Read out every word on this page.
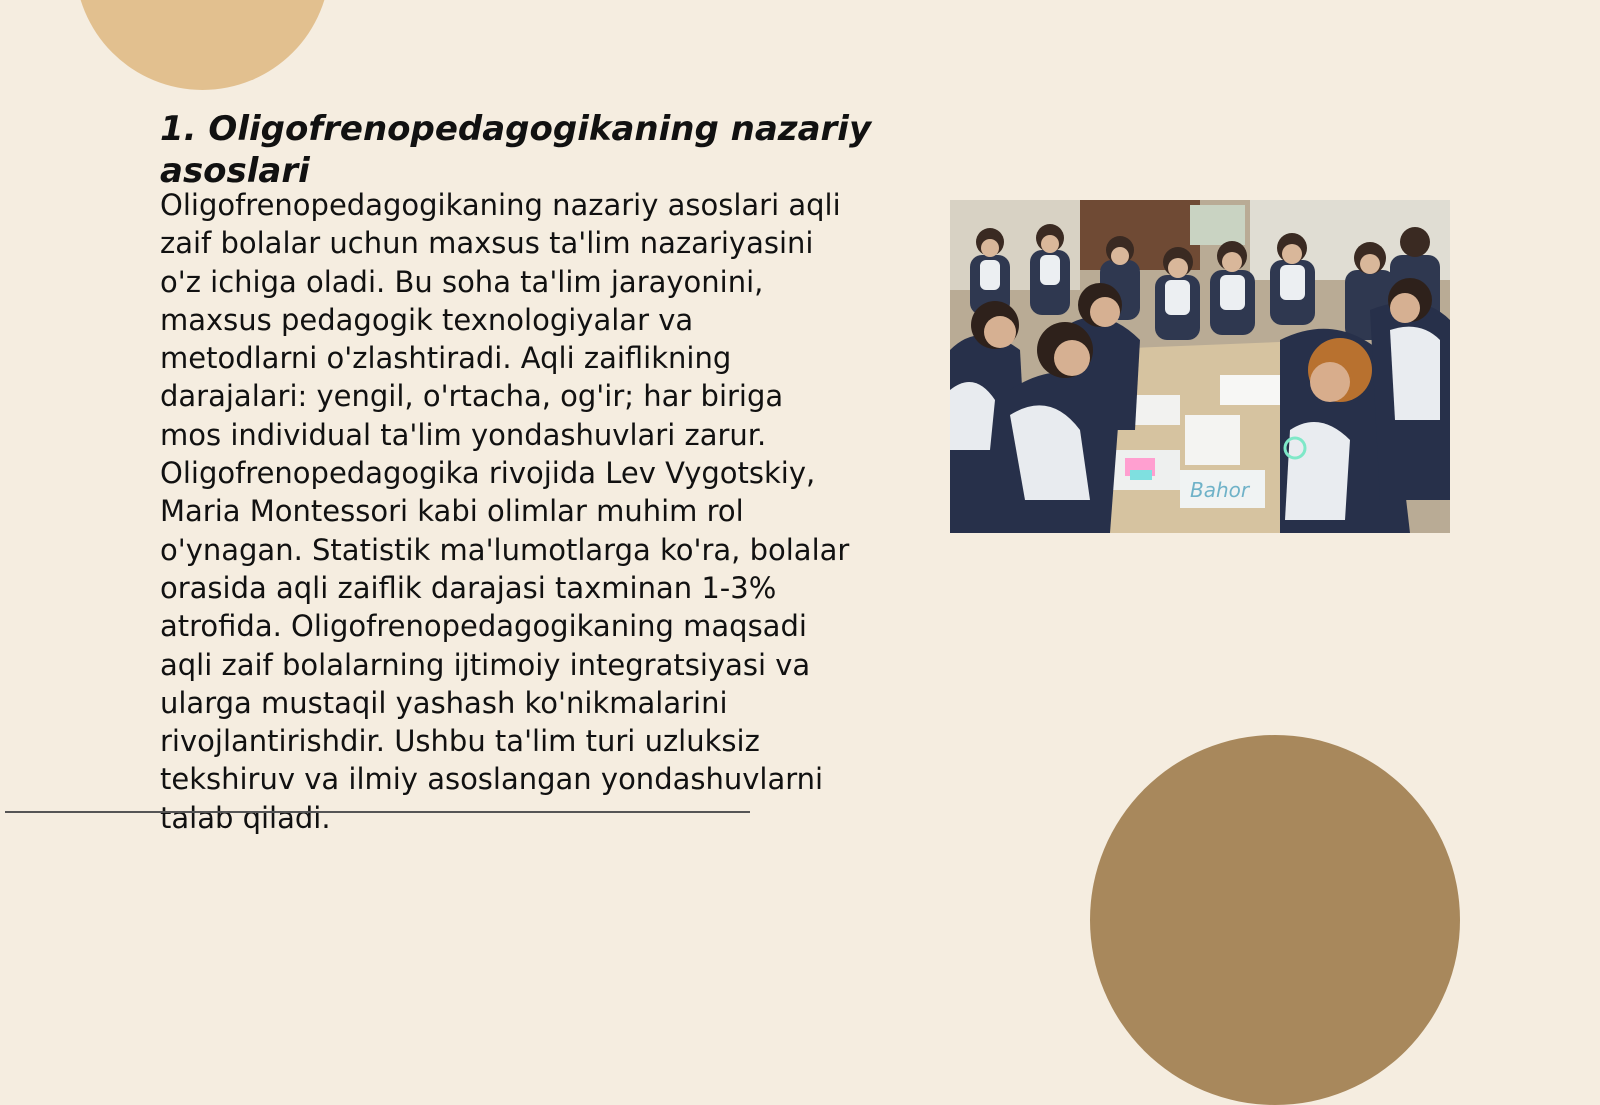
1. Oligofrenopedagogikaning nazariy asoslari

Oligofrenopedagogikaning nazariy asoslari aqli zaif bolalar uchun maxsus ta'lim nazariyasini o'z ichiga oladi. Bu soha ta'lim jarayonini, maxsus pedagogik texnologiyalar va metodlarni o'zlashtiradi. Aqli zaiflikning darajalari: yengil, o'rtacha, og'ir; har biriga mos individual ta'lim yondashuvlari zarur. Oligofrenopedagogika rivojida Lev Vygotskiy, Maria Montessori kabi olimlar muhim rol o'ynagan. Statistik ma'lumotlarga ko'ra, bolalar orasida aqli zaiflik darajasi taxminan 1-3% atrofida. Oligofrenopedagogikaning maqsadi aqli zaif bolalarning ijtimoiy integratsiyasi va ularga mustaqil yashash ko'nikmalarini rivojlantirishdir. Ushbu ta'lim turi uzluksiz tekshiruv va ilmiy asoslangan yondashuvlarni talab qiladi.

Bahor
